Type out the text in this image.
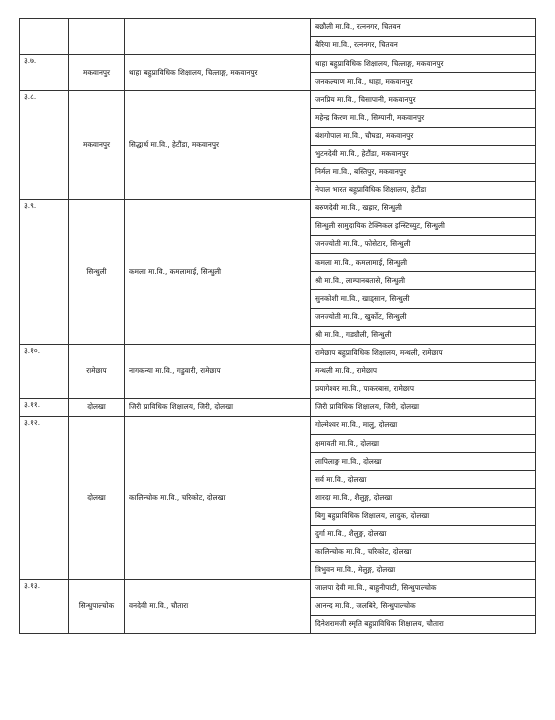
			बछौली मा.वि., रत्ननगर, चितवन
			बैरिया मा.वि., रत्ननगर, चितवन
३.७.	मकवानपुर	थाहा बहुप्राविधिक शिक्षालय, चित्लाङ्ग, मकवानपुर	थाहा बहुप्राविधिक शिक्षालय, चित्लाङ्ग, मकवानपुर
			जनकल्याण मा.वि., थाहा, मकवानपुर
३.८.	मकवानपुर	सिद्धार्थ मा.वि., हेटौंडा, मकवानपुर	जनप्रिय मा.वि., चिसापानी, मकवानपुर
			महेन्द्र किरण मा.वि., सिम्पानी, मकवानपुर
			बंशगोपाल मा.वि., चौघडा, मकवानपुर
			भुटनदेवी मा.वि., हेटौंडा, मकवानपुर
			निर्मल मा.वि., बस्तिपुर, मकवानपुर
			नेपाल भारत बहुप्राविधिक शिक्षालय, हेटौंडा
३.९.	सिन्धुली	कमला मा.वि., कमलामाई, सिन्धुली	बरुणदेवी मा.वि., खह्रार, सिन्धुली
			सिन्धुली सामुदायिक टेक्निकल इन्स्टिच्युट, सिन्धुली
			जनज्योती मा.वि., फोसेटार, सिन्धुली
			कमला मा.वि., कमलामाई, सिन्धुली
			श्री मा.वि., लाम्पानबतासे, सिन्धुली
			सुनकोशी मा.वि., खाड्सान, सिन्धुली
			जनज्योती मा.वि., खुर्कोट, सिन्धुली
			श्री मा.वि., गड्यौली, सिन्धुली
३.१०.	रामेछाप	नागकन्या मा.वि., गडुवारी, रामेछाप	रामेछाप बहुप्राविधिक शिक्षालय, मन्थली, रामेछाप
			मन्थली मा.वि., रामेछाप
			प्रयागेश्वर मा.वि., पाकरबास, रामेछाप
३.११.	दोलखा	जिरी प्राविधिक शिक्षालय, जिरी, दोलखा	जिरी प्राविधिक शिक्षालय, जिरी, दोलखा
३.१२.	दोलखा	कालिन्चोक मा.वि., चरिकोट, दोलखा	गोल्मेश्वर मा.वि., मालु, दोलखा
			क्षमावती मा.वि., दोलखा
			लापिलाङ्ग मा.वि., दोलखा
			सर्व मा.वि., दोलखा
			शारदा मा.वि., शैलुङ्ग, दोलखा
			बिगु बहुप्राविधिक शिक्षालय, लादुक, दोलखा
			दुर्गा मा.वि., शैलुङ्ग, दोलखा
			कालिन्चोक मा.वि., चरिकोट, दोलखा
			त्रिभुवन मा.वि., मेलुङ्ग, दोलखा
३.१३.	सिन्धुपाल्चोक	वनदेवी मा.वि., चौतारा	जालपा देवी मा.वि., बाहुनीपाटी, सिन्धुपाल्चोक
			आनन्द मा.वि., जलबिरे, सिन्धुपाल्चोक
			दिनेशरामजी स्मृति बहुप्राविधिक शिक्षालय, चौतारा
